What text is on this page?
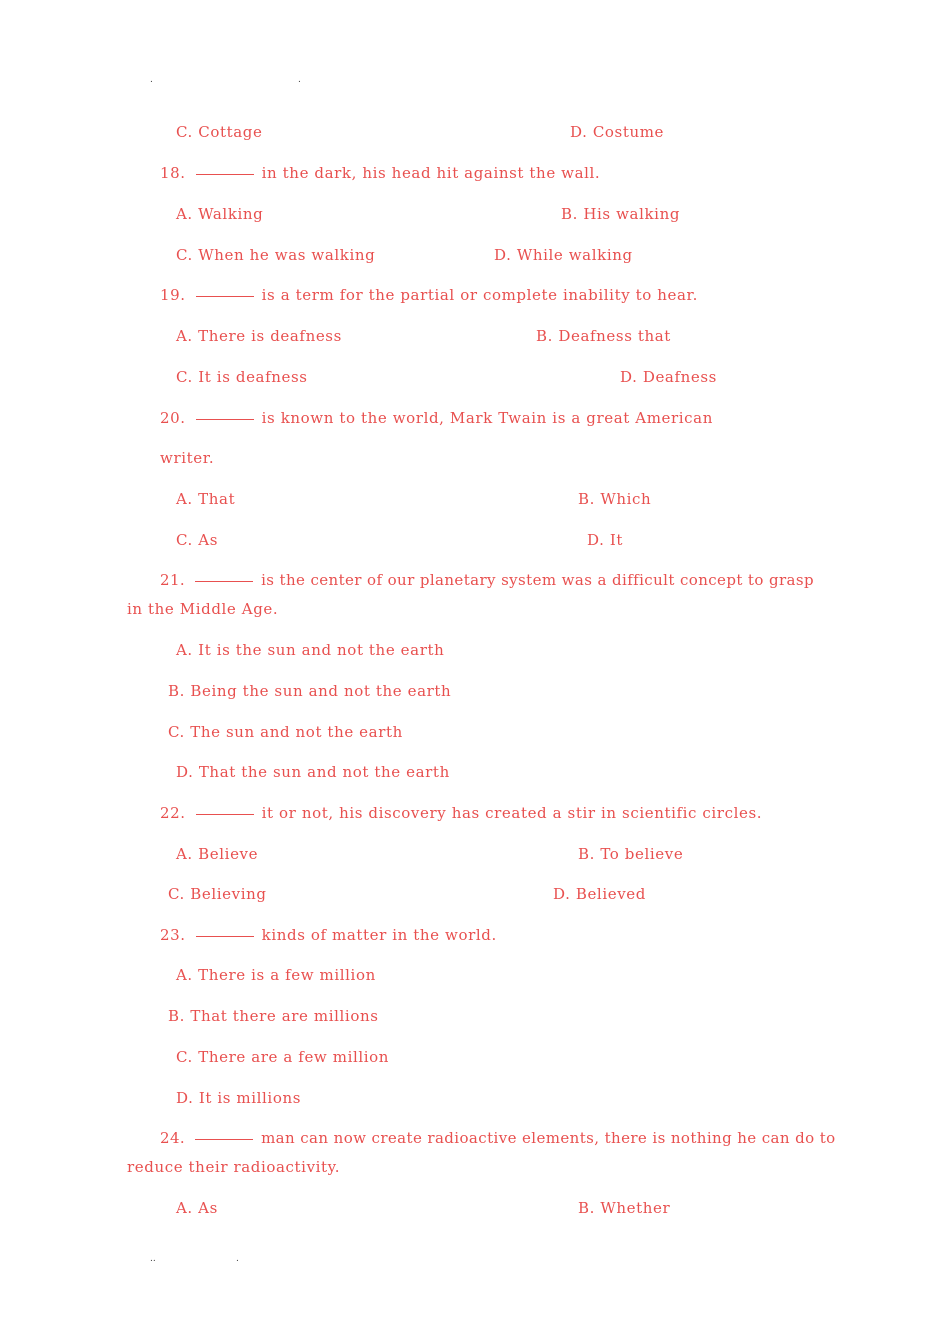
.	.
C. Cottage	D. Costume
18.	in the dark, his head hit against the wall.
A. Walking	B. His walking
C. When he was walking	D. While walking
19.	is a term for the partial or complete inability to hear.
A. There is deafness	B. Deafness that
C. It is deafness	D. Deafness
20.	is known to the world, Mark Twain is a great American
writer.
A. That	B. Which
C. As	D. It
21.	is the center of our planetary system was a difficult concept to grasp
in the Middle Age.
A. It is the sun and not the earth
B. Being the sun and not the earth
C. The sun and not the earth
D. That the sun and not the earth
22.	it or not, his discovery has created a stir in scientific circles.
A. Believe	B. To believe
C. Believing	D. Believed
23.	kinds of matter in the world.
A. There is a few million
B. That there are millions
C. There are a few million
D. It is millions
24.	man can now create radioactive elements, there is nothing he can do to
reduce their radioactivity.
A. As	B. Whether
..	.
